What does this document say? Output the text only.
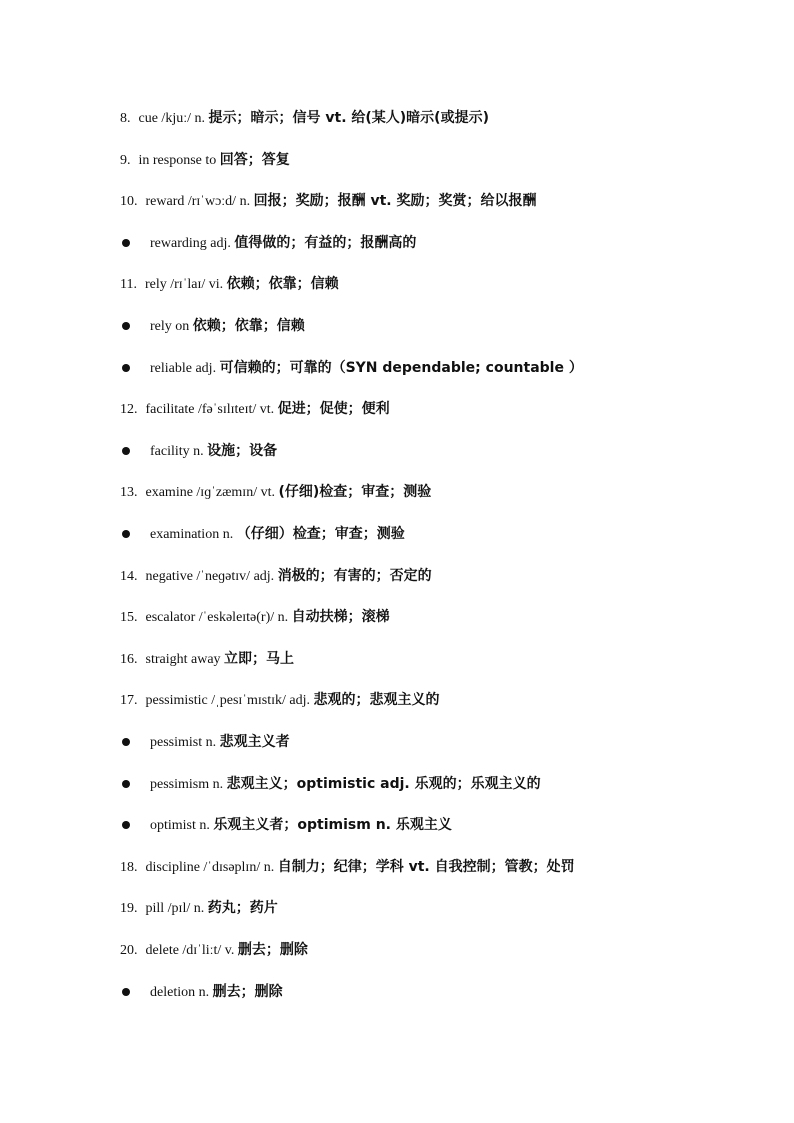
8. cue /kjuː/ n. 提示；暗示；信号 vt. 给(某人)暗示(或提示)
9. in response to 回答；答复
10. reward /rɪˈwɔːd/ n. 回报；奖励；报酬 vt. 奖励；奖赏；给以报酬
rewarding adj. 值得做的；有益的；报酬高的
11. rely /rɪˈlaɪ/ vi. 依赖；依靠；信赖
rely on 依赖；依靠；信赖
reliable adj. 可信赖的；可靠的（SYN dependable; countable ）
12. facilitate /fəˈsɪlɪteɪt/ vt. 促进；促使；便利
facility n. 设施；设备
13. examine /ɪɡˈzæmɪn/ vt. (仔细)检查；审查；测验
examination n. （仔细）检查；审查；测验
14. negative /ˈneɡətɪv/ adj. 消极的；有害的；否定的
15. escalator /ˈeskəleɪtə(r)/ n. 自动扶梯；滚梯
16. straight away 立即；马上
17. pessimistic /ˌpesɪˈmɪstɪk/ adj. 悲观的；悲观主义的
pessimist n. 悲观主义者
pessimism n. 悲观主义；optimistic adj. 乐观的；乐观主义的
optimist n. 乐观主义者；optimism n. 乐观主义
18. discipline /ˈdɪsəplɪn/ n. 自制力；纪律；学科 vt. 自我控制；管教；处罚
19. pill /pɪl/ n. 药丸；药片
20. delete /dɪˈliːt/ v. 删去；删除
deletion n. 删去；删除
